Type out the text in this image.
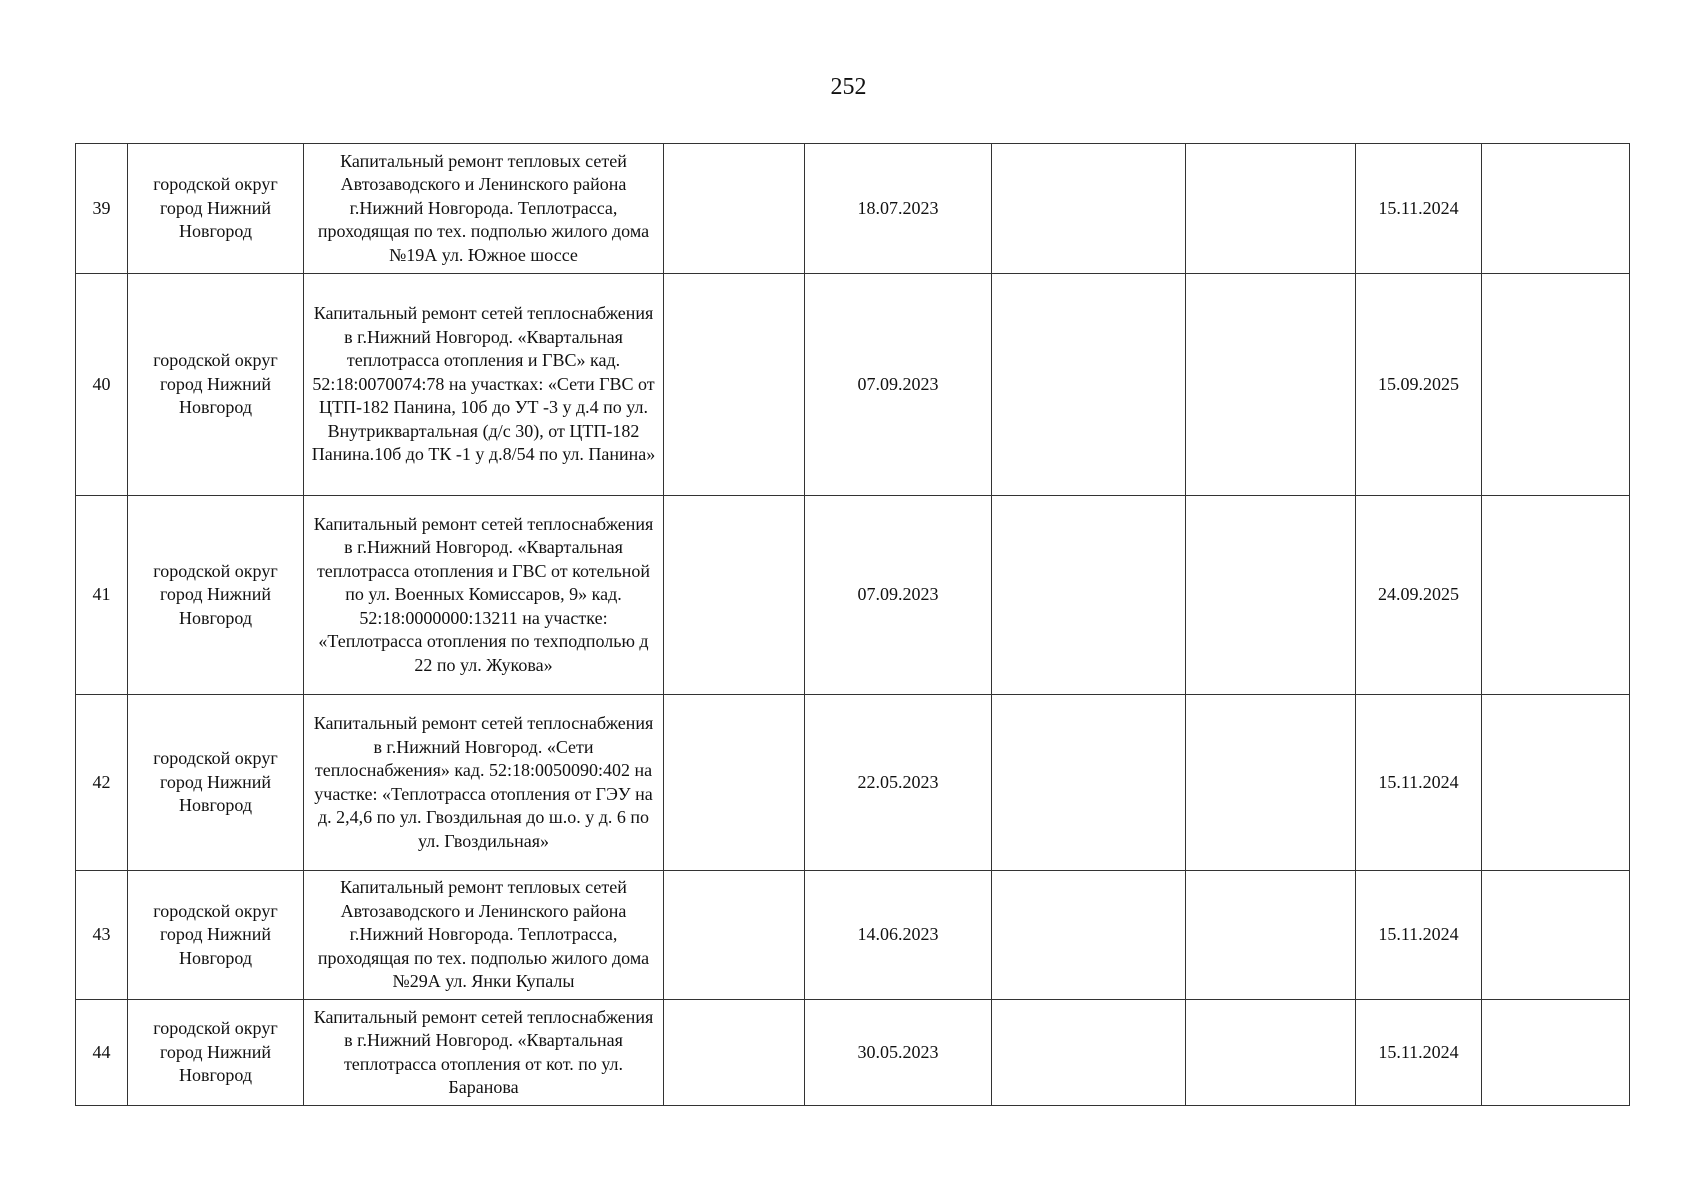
252
39	городской округ город Нижний Новгород	Капитальный ремонт тепловых сетей Автозаводского и Ленинского района г.Нижний Новгорода. Теплотрасса, проходящая по тех. подполью жилого дома №19А ул. Южное шоссе		18.07.2023			15.11.2024	
40	городской округ город Нижний Новгород	Капитальный ремонт сетей теплоснабжения в г.Нижний Новгород. «Квартальная теплотрасса отопления и ГВС» кад. 52:18:0070074:78 на участках: «Сети ГВС от ЦТП-182 Панина, 10б до УТ -3 у д.4 по ул. Внутриквартальная (д/с 30), от ЦТП-182 Панина.10б до ТК -1 у д.8/54 по ул. Панина»		07.09.2023			15.09.2025	
41	городской округ город Нижний Новгород	Капитальный ремонт сетей теплоснабжения в г.Нижний Новгород. «Квартальная теплотрасса отопления и ГВС от котельной по ул. Военных Комиссаров, 9» кад. 52:18:0000000:13211 на участке: «Теплотрасса отопления по техподполью д 22 по ул. Жукова»		07.09.2023			24.09.2025	
42	городской округ город Нижний Новгород	Капитальный ремонт сетей теплоснабжения в г.Нижний Новгород. «Сети теплоснабжения» кад. 52:18:0050090:402 на участке: «Теплотрасса отопления от ГЭУ на д. 2,4,6 по ул. Гвоздильная до ш.о. у д. 6 по ул. Гвоздильная»		22.05.2023			15.11.2024	
43	городской округ город Нижний Новгород	Капитальный ремонт тепловых сетей Автозаводского и Ленинского района г.Нижний Новгорода. Теплотрасса, проходящая по тех. подполью жилого дома №29А ул. Янки Купалы		14.06.2023			15.11.2024	
44	городской округ город Нижний Новгород	Капитальный ремонт сетей теплоснабжения в г.Нижний Новгород. «Квартальная теплотрасса отопления от кот. по ул. Баранова		30.05.2023			15.11.2024	
